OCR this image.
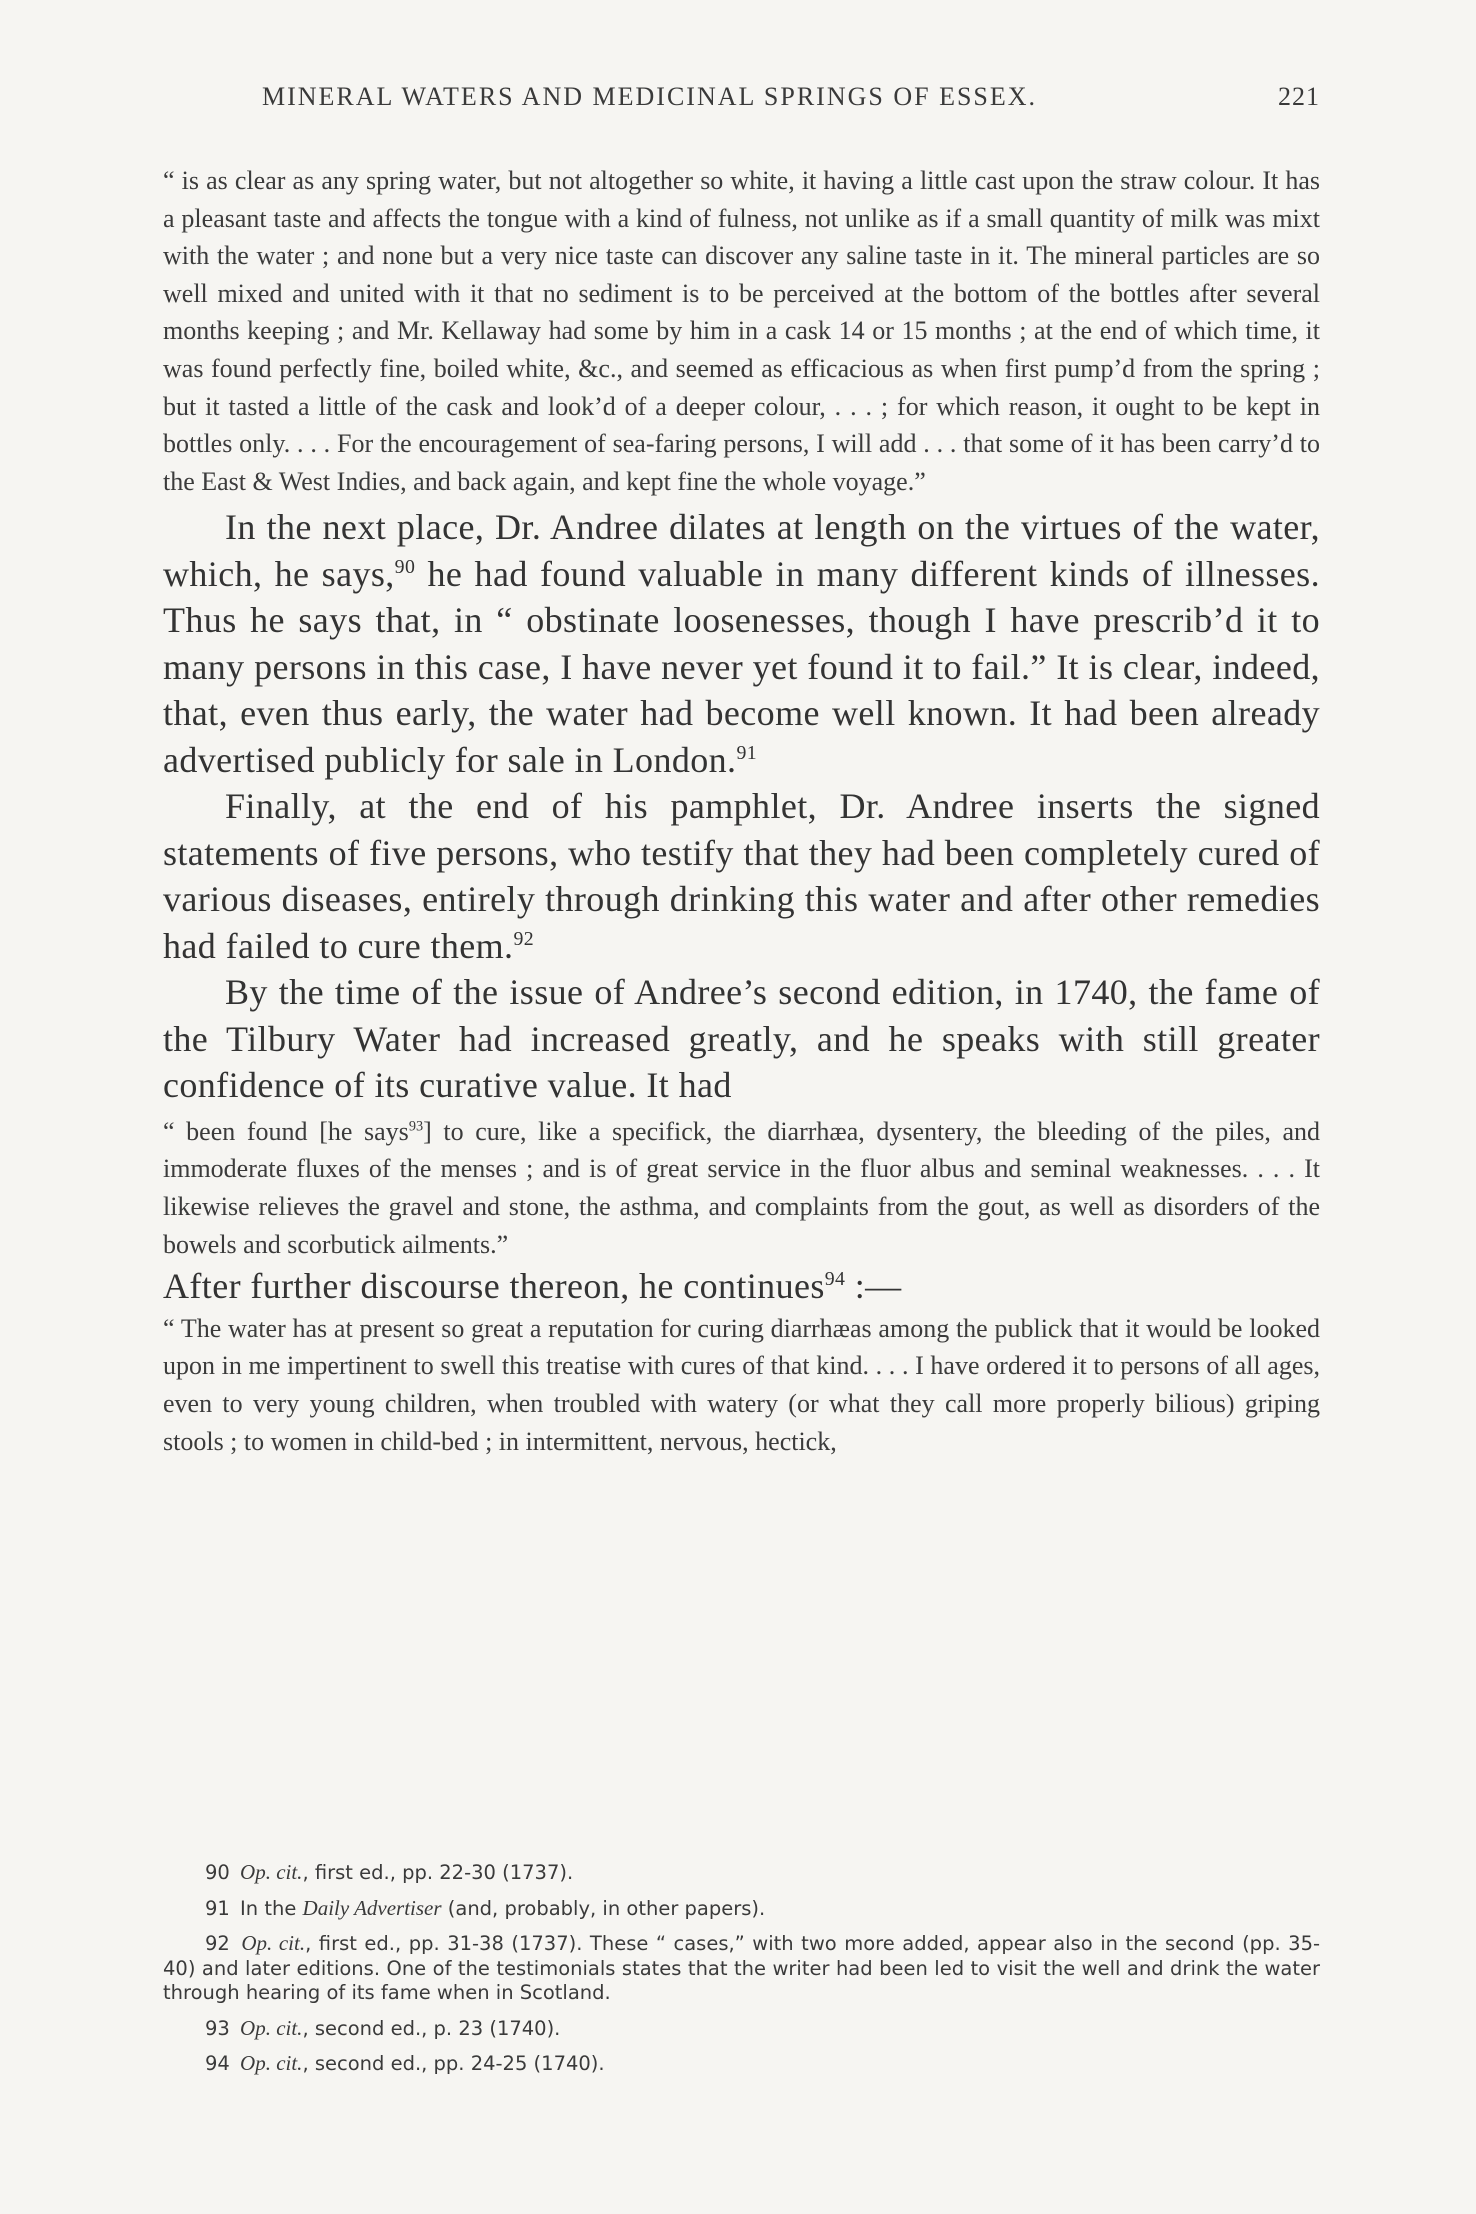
MINERAL WATERS AND MEDICINAL SPRINGS OF ESSEX.	221

“ is as clear as any spring water, but not altogether so white, it having a little cast upon the straw colour. It has a pleasant taste and affects the tongue with a kind of fulness, not unlike as if a small quantity of milk was mixt with the water ; and none but a very nice taste can discover any saline taste in it. The mineral particles are so well mixed and united with it that no sediment is to be perceived at the bottom of the bottles after several months keeping ; and Mr. Kellaway had some by him in a cask 14 or 15 months ; at the end of which time, it was found perfectly fine, boiled white, &c., and seemed as efficacious as when first pump’d from the spring ; but it tasted a little of the cask and look’d of a deeper colour, . . . ; for which reason, it ought to be kept in bottles only. . . . For the encouragement of sea-faring persons, I will add . . . that some of it has been carry’d to the East & West Indies, and back again, and kept fine the whole voyage.”

In the next place, Dr. Andree dilates at length on the virtues of the water, which, he says,$^{90}$ he had found valuable in many different kinds of illnesses. Thus he says that, in “ obstinate loosenesses, though I have prescrib’d it to many persons in this case, I have never yet found it to fail.” It is clear, indeed, that, even thus early, the water had become well known. It had been already advertised publicly for sale in London.$^{91}$

Finally, at the end of his pamphlet, Dr. Andree inserts the signed statements of five persons, who testify that they had been completely cured of various diseases, entirely through drinking this water and after other remedies had failed to cure them.$^{92}$

By the time of the issue of Andree’s second edition, in 1740, the fame of the Tilbury Water had increased greatly, and he speaks with still greater confidence of its curative value. It had

“ been found [he says$^{93}$] to cure, like a specifick, the diarrhæa, dysentery, the bleeding of the piles, and immoderate fluxes of the menses ; and is of great service in the fluor albus and seminal weaknesses. . . . It likewise relieves the gravel and stone, the asthma, and complaints from the gout, as well as disorders of the bowels and scorbutick ailments.”

After further discourse thereon, he continues$^{94}$ :—

“ The water has at present so great a reputation for curing diarrhæas among the publick that it would be looked upon in me impertinent to swell this treatise with cures of that kind. . . . I have ordered it to persons of all ages, even to very young children, when troubled with watery (or what they call more properly bilious) griping stools ; to women in child-bed ; in intermittent, nervous, hectick,

90 Op. cit., first ed., pp. 22-30 (1737).

91 In the Daily Advertiser (and, probably, in other papers).

92 Op. cit., first ed., pp. 31-38 (1737). These “ cases,” with two more added, appear also in the second (pp. 35-40) and later editions. One of the testimonials states that the writer had been led to visit the well and drink the water through hearing of its fame when in Scotland.

93 Op. cit., second ed., p. 23 (1740).

94 Op. cit., second ed., pp. 24-25 (1740).
